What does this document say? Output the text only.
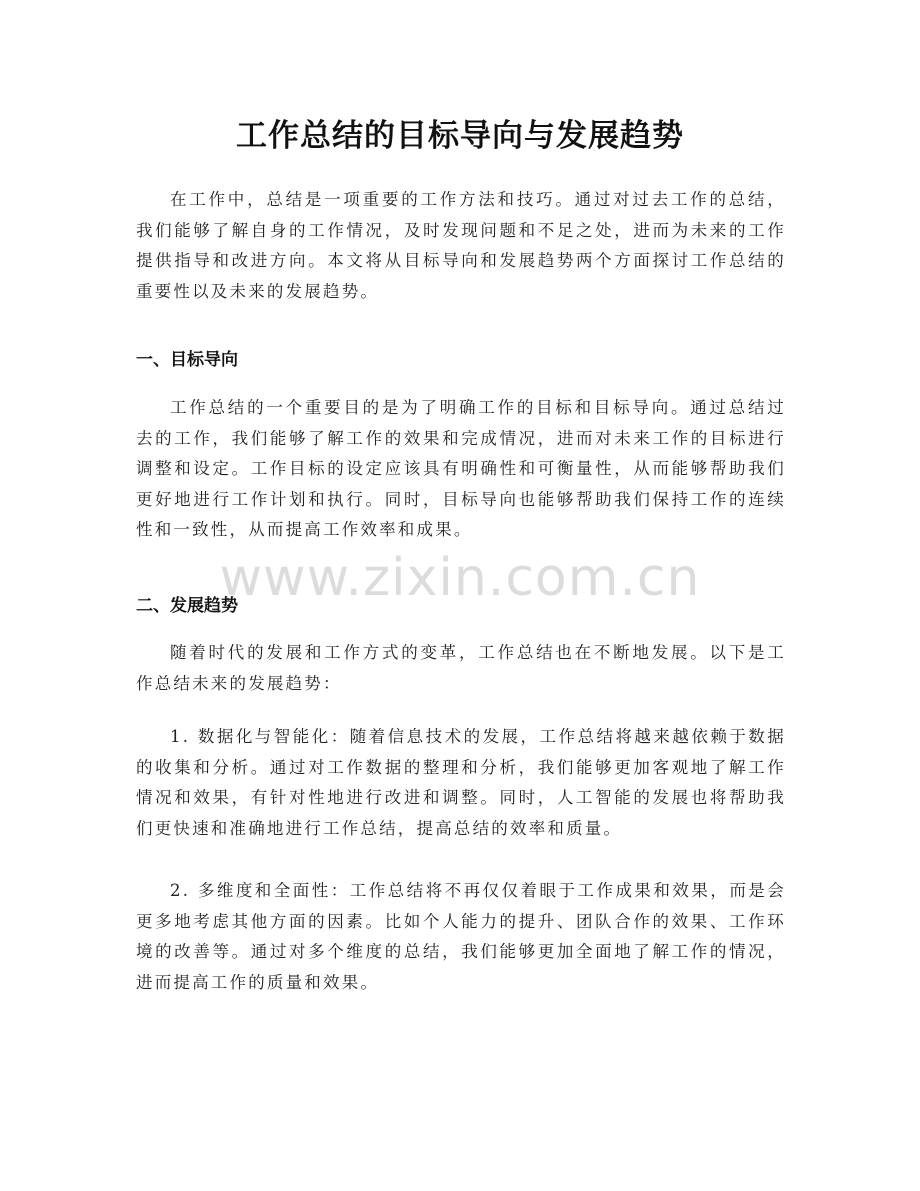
工作总结的目标导向与发展趋势

在工作中，总结是一项重要的工作方法和技巧。通过对过去工作的总结，我们能够了解自身的工作情况，及时发现问题和不足之处，进而为未来的工作提供指导和改进方向。本文将从目标导向和发展趋势两个方面探讨工作总结的重要性以及未来的发展趋势。

一、目标导向

工作总结的一个重要目的是为了明确工作的目标和目标导向。通过总结过去的工作，我们能够了解工作的效果和完成情况，进而对未来工作的目标进行调整和设定。工作目标的设定应该具有明确性和可衡量性，从而能够帮助我们更好地进行工作计划和执行。同时，目标导向也能够帮助我们保持工作的连续性和一致性，从而提高工作效率和成果。

二、发展趋势

随着时代的发展和工作方式的变革，工作总结也在不断地发展。以下是工作总结未来的发展趋势：

1. 数据化与智能化：随着信息技术的发展，工作总结将越来越依赖于数据的收集和分析。通过对工作数据的整理和分析，我们能够更加客观地了解工作情况和效果，有针对性地进行改进和调整。同时，人工智能的发展也将帮助我们更快速和准确地进行工作总结，提高总结的效率和质量。

2. 多维度和全面性：工作总结将不再仅仅着眼于工作成果和效果，而是会更多地考虑其他方面的因素。比如个人能力的提升、团队合作的效果、工作环境的改善等。通过对多个维度的总结，我们能够更加全面地了解工作的情况，进而提高工作的质量和效果。

www.zixin.com.cn
